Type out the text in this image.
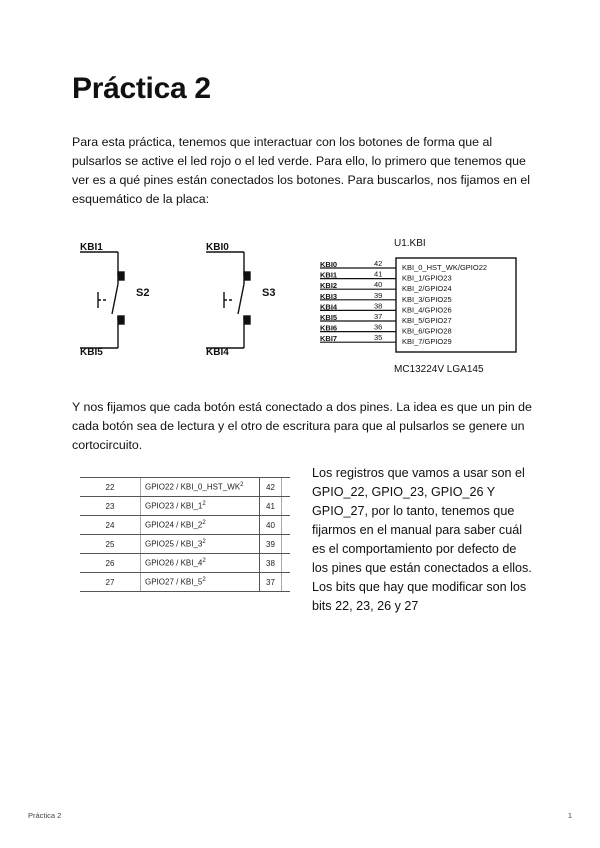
Práctica 2

Para esta práctica, tenemos que interactuar con los botones de forma que al pulsarlos se active el led rojo o el led verde. Para ello, lo primero que tenemos que ver es a qué pines están conectados los botones. Para buscarlos, nos fijamos en el esquemático de la placa:

KBI1
KBI5
S2
KBI0
KBI4
S3
U1.KBI
KBI0	42	KBI_0_HST_WK/GPIO22
KBI1	41	KBI_1/GPIO23
KBI2	40	KBI_2/GPIO24
KBI3	39	KBI_3/GPIO25
KBI4	38	KBI_4/GPIO26
KBI5	37	KBI_5/GPIO27
KBI6	36	KBI_6/GPIO28
KBI7	35	KBI_7/GPIO29
MC13224V LGA145

Y nos fijamos que cada botón está conectado a dos pines. La idea es que un pin de cada botón sea de lectura y el otro de escritura para que al pulsarlos se genere un cortocircuito.

22	GPIO22 / $KBI\_0\_HST\_WK^2$	42	
23	GPIO23 / $KBI\_1^2$	41	
24	GPIO24 / $KBI\_2^2$	40	
25	GPIO25 / $KBI\_3^2$	39	
26	GPIO26 / $KBI\_4^2$	38	
27	GPIO27 / $KBI\_5^2$	37	

Los registros que vamos a usar son el GPIO_22, GPIO_23, GPIO_26 Y GPIO_27, por lo tanto, tenemos que fijarmos en el manual para saber cuál es el comportamiento por defecto de los pines que están conectados a ellos. Los bits que hay que modificar son los bits 22, 23, 26 y 27

Práctica 2	1
